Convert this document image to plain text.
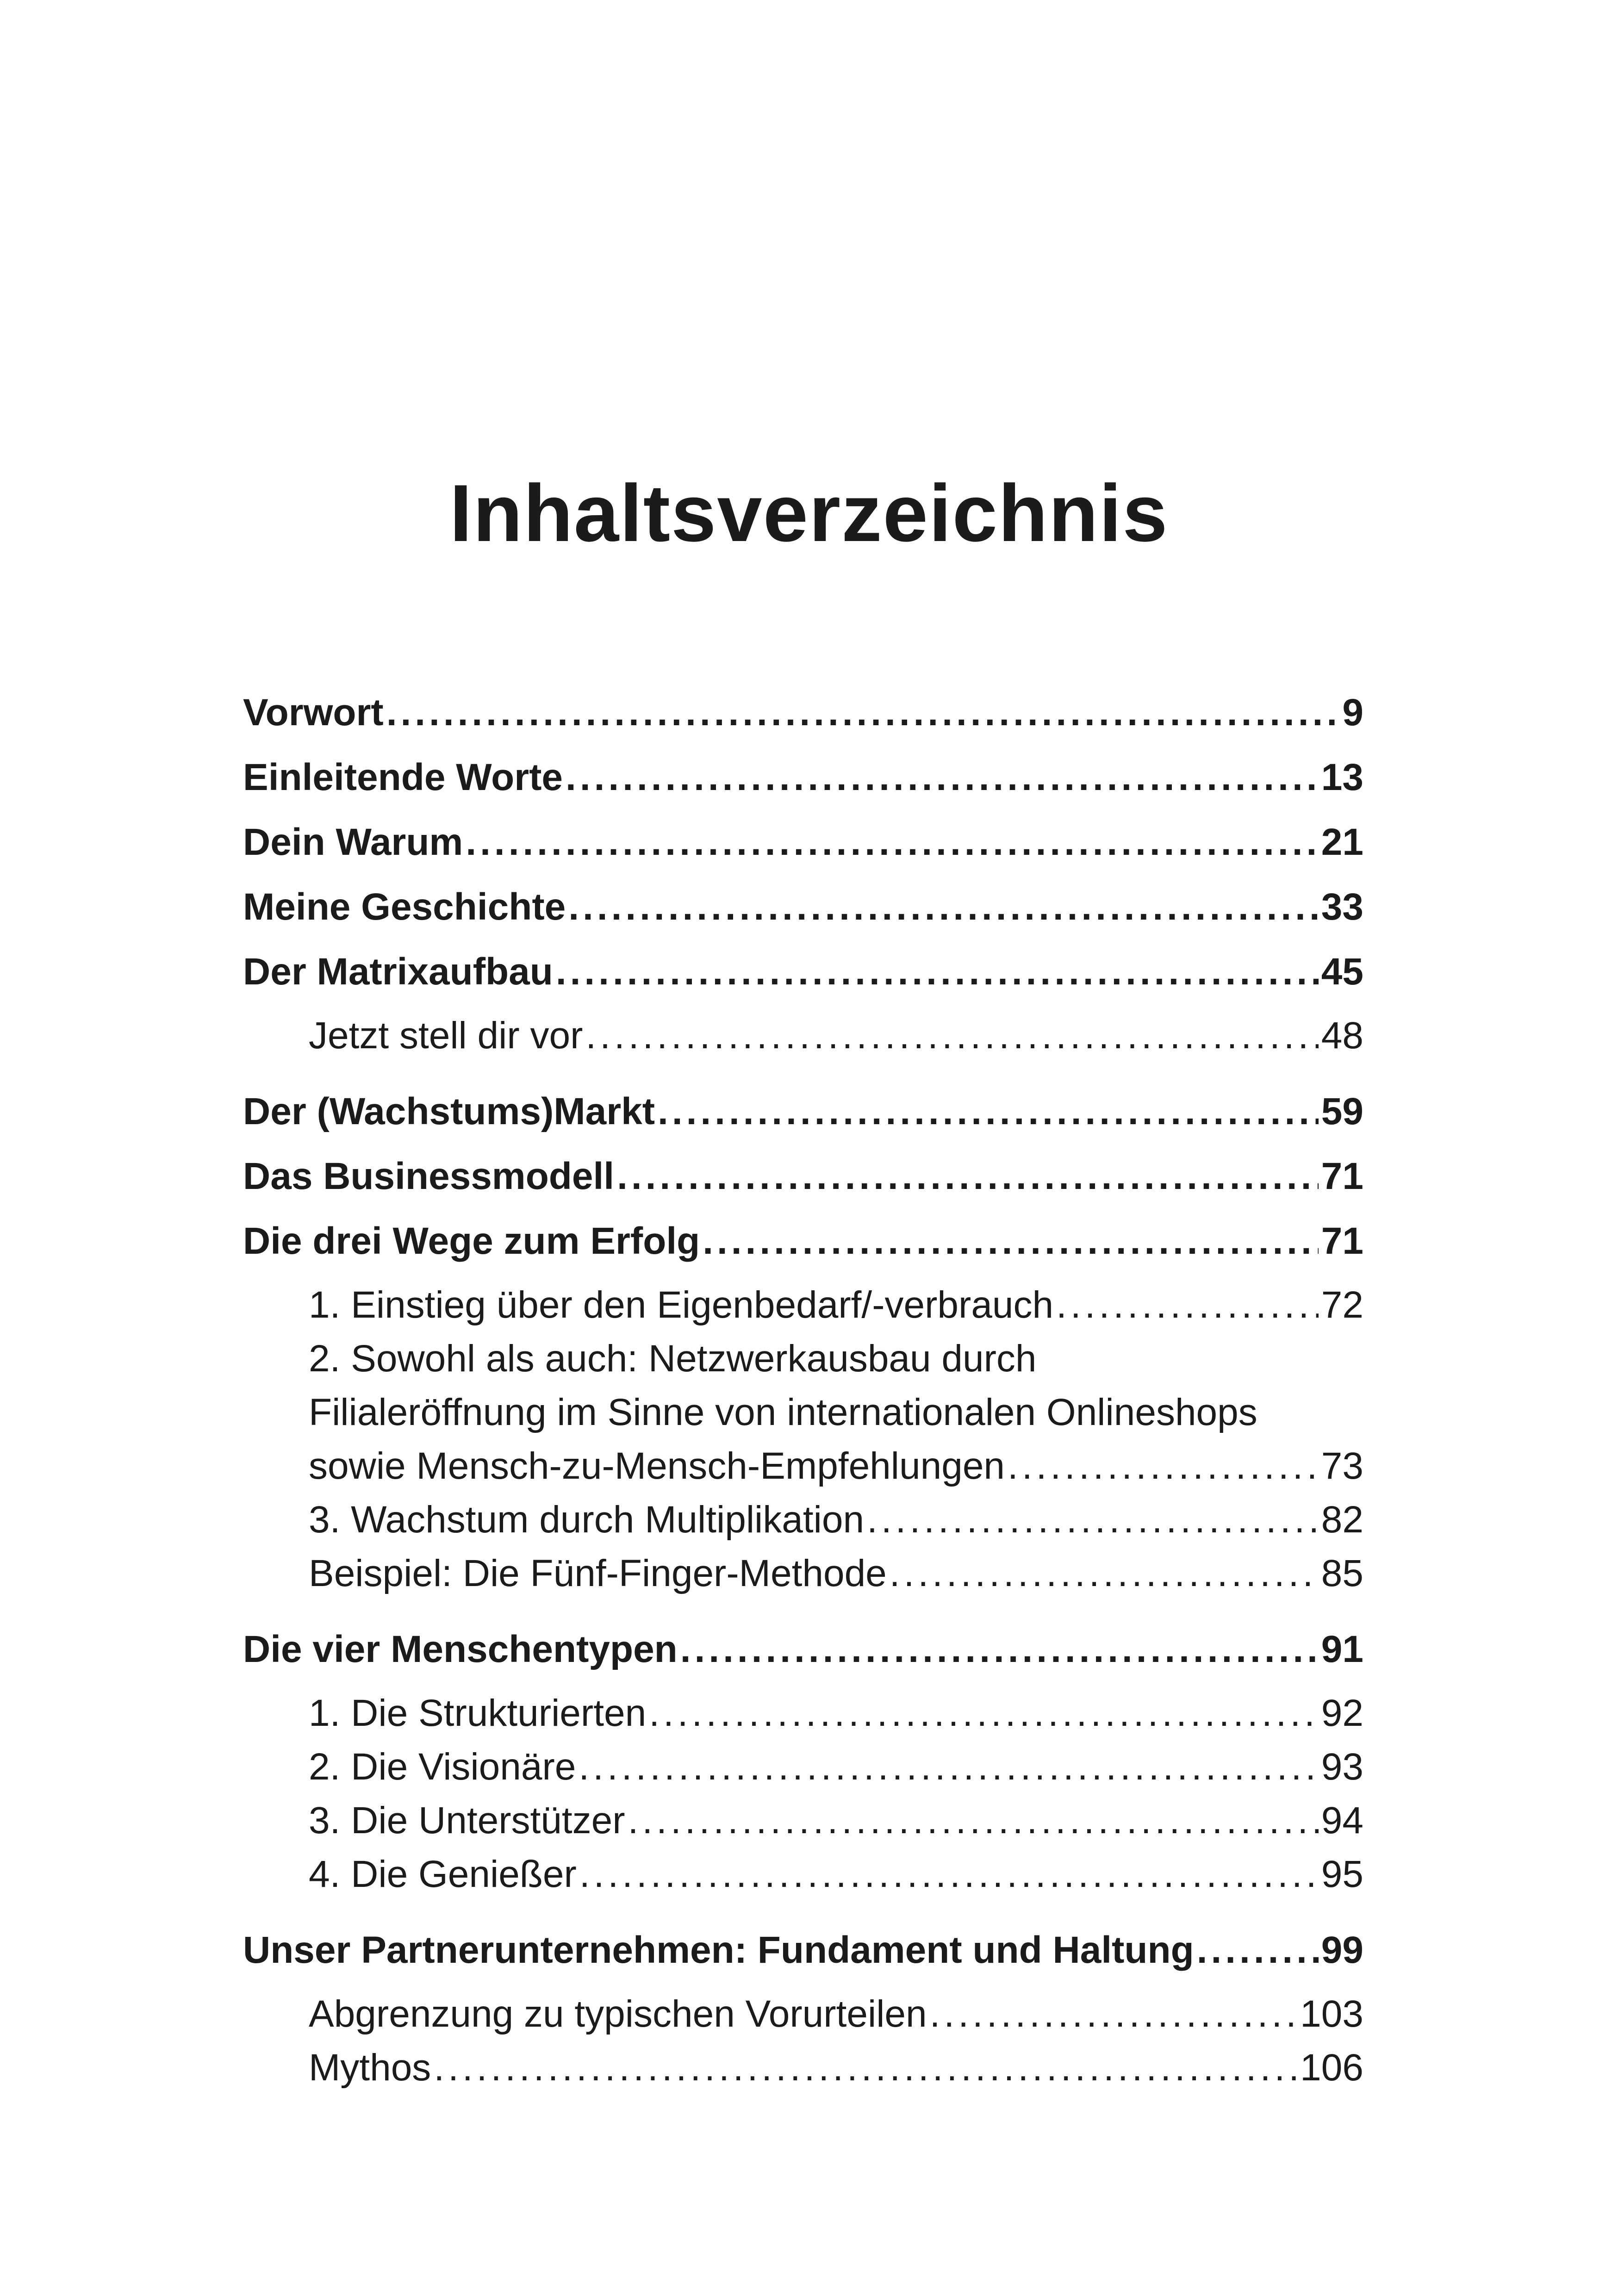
Inhaltsverzeichnis
Vorwort .....	9
Einleitende Worte .....	13
Dein Warum .....	21
Meine Geschichte .....	33
Der Matrixaufbau .....	45
Jetzt stell dir vor .....	48
Der (Wachstums)Markt .....	59
Das Businessmodell .....	71
Die drei Wege zum Erfolg .....	71
1. Einstieg über den Eigenbedarf/-verbrauch .....	72
2. Sowohl als auch: Netzwerkausbau durch
Filialeröffnung im Sinne von internationalen Onlineshops
sowie Mensch-zu-Mensch-Empfehlungen .....	73
3. Wachstum durch Multiplikation .....	82
Beispiel: Die Fünf-Finger-Methode .....	85
Die vier Menschentypen .....	91
1. Die Strukturierten .....	92
2. Die Visionäre .....	93
3. Die Unterstützer .....	94
4. Die Genießer .....	95
Unser Partnerunternehmen: Fundament und Haltung .....	99
Abgrenzung zu typischen Vorurteilen .....	103
Mythos .....	106
